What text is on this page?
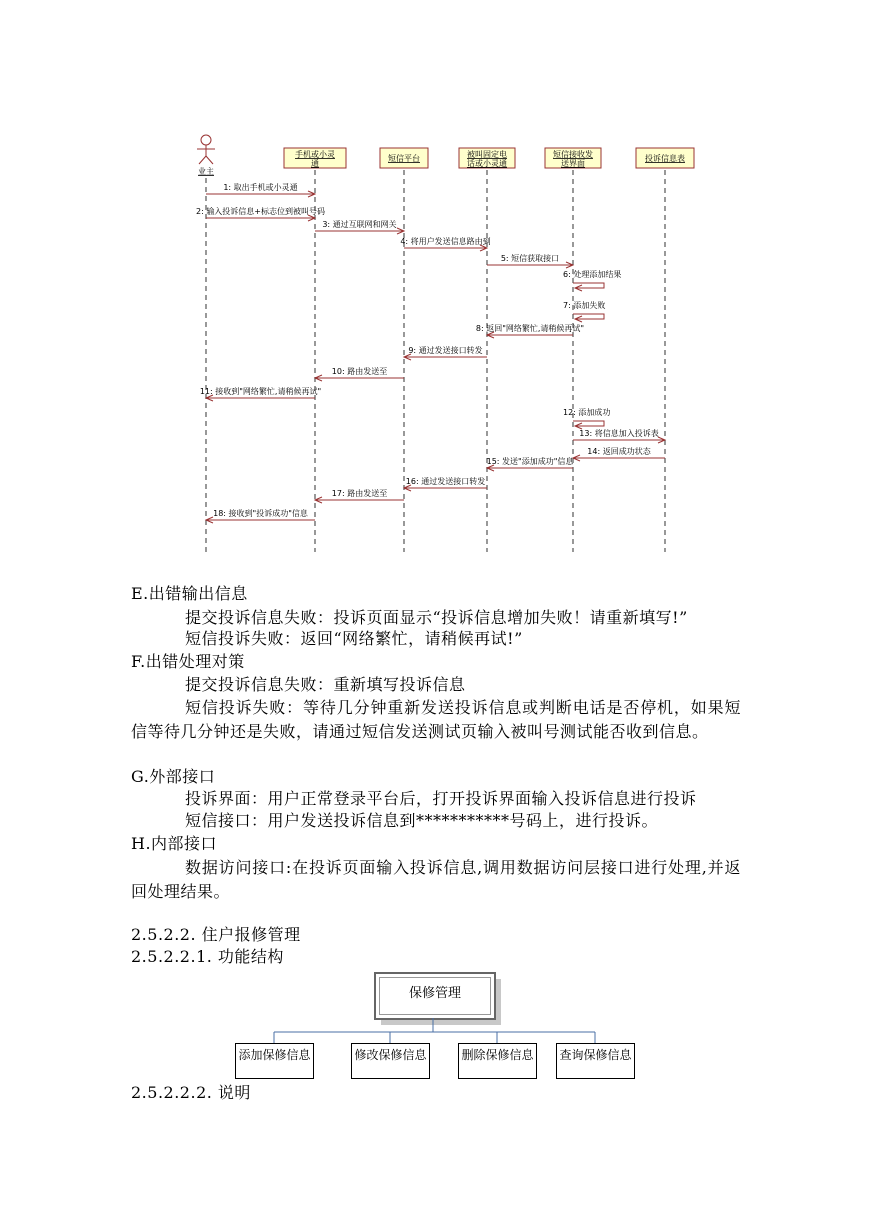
业主
手机或小灵
通
短信平台	被叫固定电
话或小灵通
短信接收发
送界面
投诉信息表
1: 取出手机或小灵通
2: 输入投诉信息+标志位到被叫号码
3: 通过互联网和网关
4: 将用户发送信息路由到
5: 短信获取接口
6: 处理添加结果
7: 添加失败
8: 返回"网络繁忙,请稍候再试"
9: 通过发送接口转发
10: 路由发送至
11: 接收到"网络繁忙,请稍候再试"
12: 添加成功
13: 将信息加入投诉表
14: 返回成功状态
15: 发送"添加成功"信息
16: 通过发送接口转发
17: 路由发送至
18: 接收到"投诉成功"信息
E.出错输出信息
提交投诉信息失败：投诉页面显示“投诉信息增加失败！请重新填写!”
短信投诉失败：返回“网络繁忙，请稍候再试!”
F.出错处理对策
提交投诉信息失败：重新填写投诉信息
短信投诉失败：等待几分钟重新发送投诉信息或判断电话是否停机，如果短信等待几分钟还是失败，请通过短信发送测试页输入被叫号测试能否收到信息。
G.外部接口
投诉界面：用户正常登录平台后，打开投诉界面输入投诉信息进行投诉
短信接口：用户发送投诉信息到***********号码上，进行投诉。
H.内部接口
数据访问接口:在投诉页面输入投诉信息,调用数据访问层接口进行处理,并返回处理结果。
2.5.2.2. 住户报修管理
2.5.2.2.1. 功能结构
保修管理
添加保修信息	修改保修信息	删除保修信息 查询保修信息
2.5.2.2.2. 说明
